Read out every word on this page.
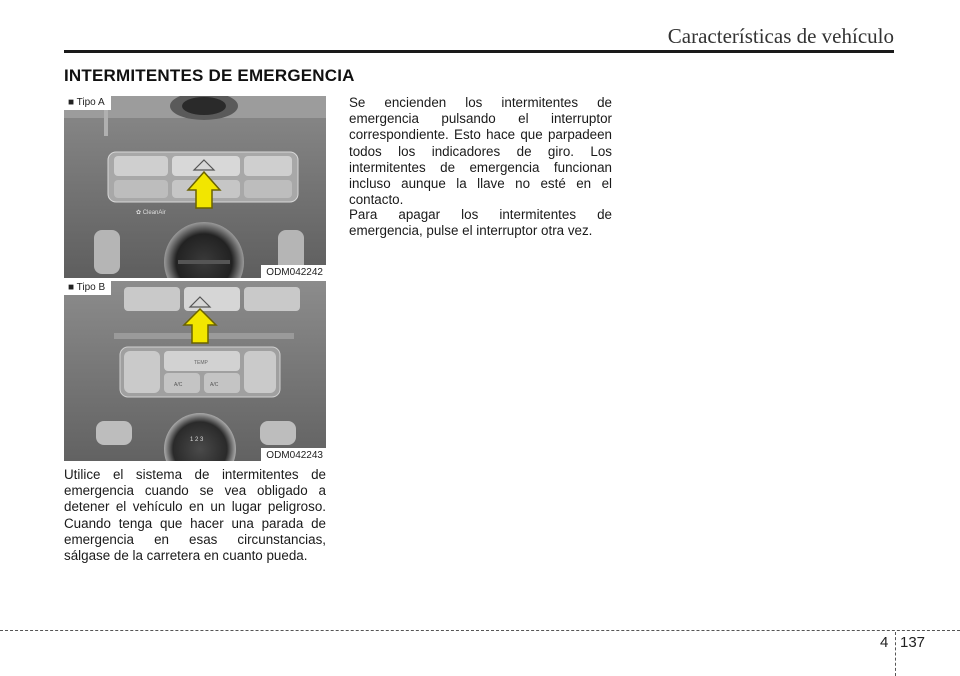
Características de vehículo
INTERMITENTES DE EMERGENCIA
✿ CleanAir
■ Tipo A
ODM042242
TEMP
A/C	A/C
1 2 3
■ Tipo B
ODM042243

Utilice el sistema de intermitentes de emergencia cuando se vea obligado a detener el vehículo en un lugar peligroso. Cuando tenga que hacer una parada de emergencia en esas circunstancias, sálgase de la carretera en cuanto pueda.

Se encienden los intermitentes de emergencia pulsando el interruptor correspondiente. Esto hace que parpadeen todos los indicadores de giro. Los intermitentes de emergencia funcionan incluso aunque la llave no esté en el contacto.

Para apagar los intermitentes de emergencia, pulse el interruptor otra vez.

4 137
